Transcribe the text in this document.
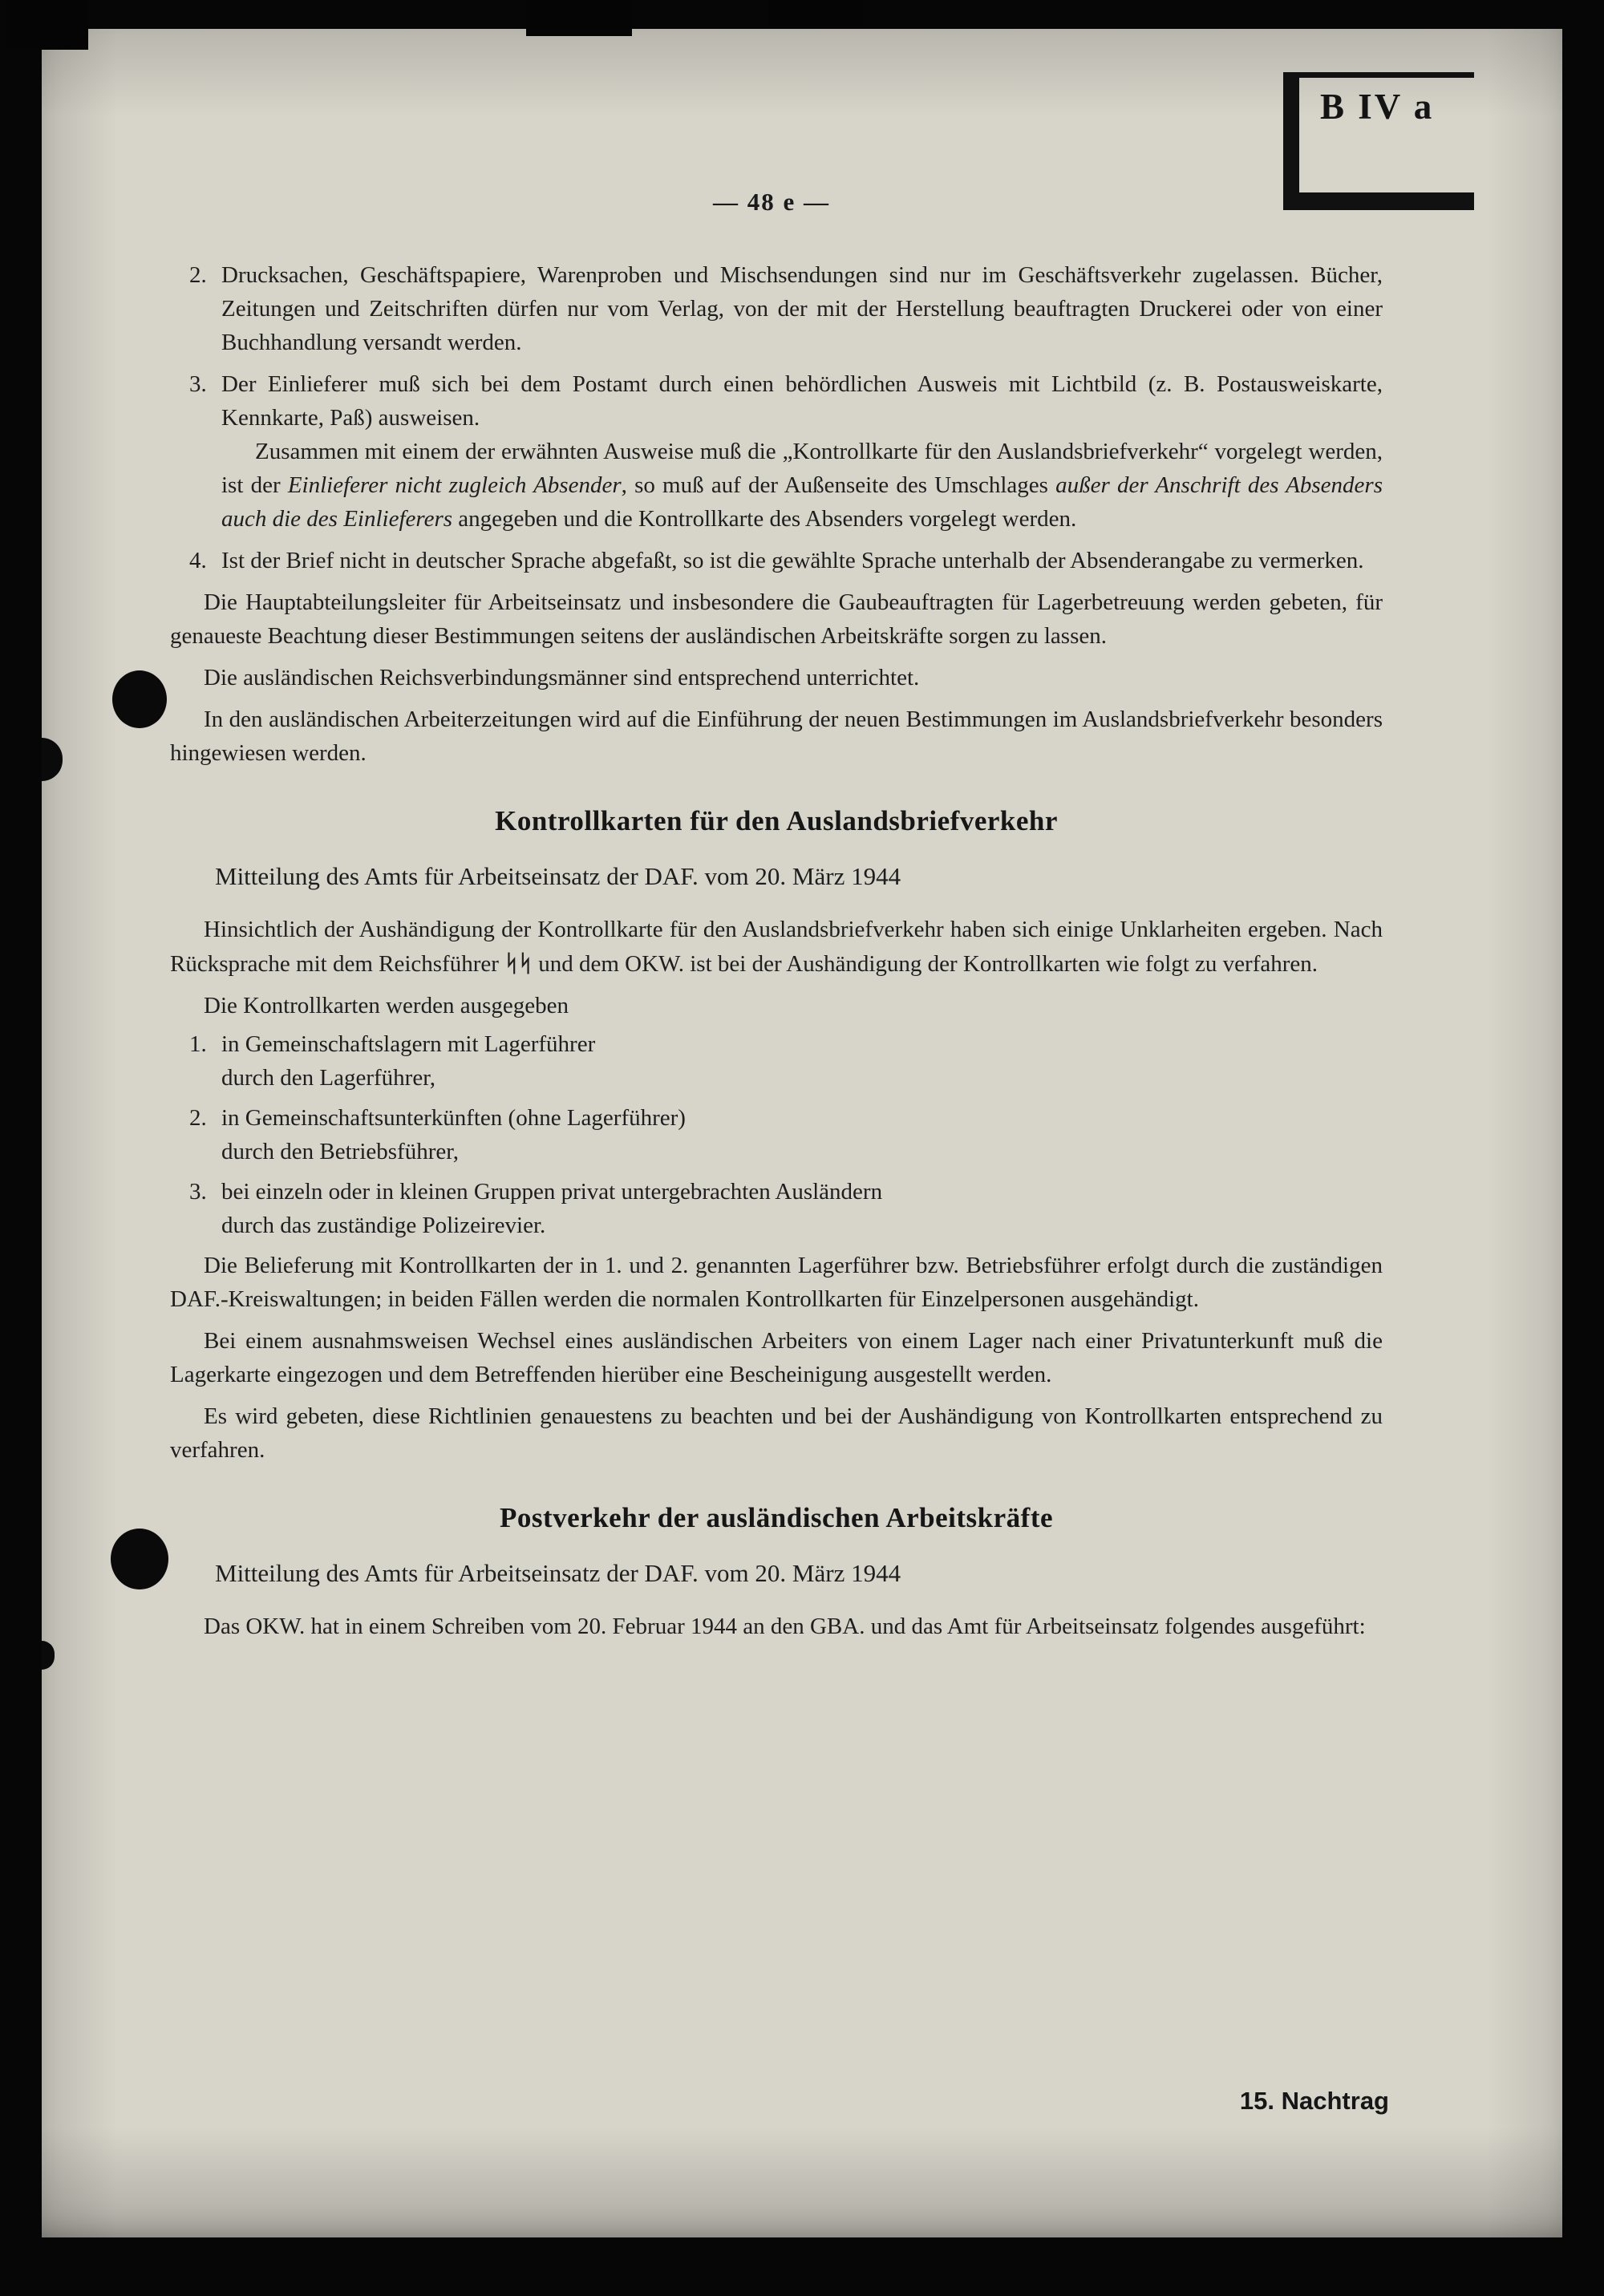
B IV a
— 48 e —
2. Drucksachen, Geschäftspapiere, Warenproben und Mischsendungen sind nur im Geschäftsverkehr zugelassen. Bücher, Zeitungen und Zeitschriften dürfen nur vom Verlag, von der mit der Herstellung beauftragten Druckerei oder von einer Buchhandlung versandt werden.
3. Der Einlieferer muß sich bei dem Postamt durch einen behördlichen Ausweis mit Lichtbild (z. B. Postausweiskarte, Kennkarte, Paß) ausweisen.
Zusammen mit einem der erwähnten Ausweise muß die „Kontrollkarte für den Auslandsbriefverkehr“ vorgelegt werden, ist der Einlieferer nicht zugleich Absender, so muß auf der Außenseite des Umschlages außer der Anschrift des Absenders auch die des Einlieferers angegeben und die Kontrollkarte des Absenders vorgelegt werden.
4. Ist der Brief nicht in deutscher Sprache abgefaßt, so ist die gewählte Sprache unterhalb der Absenderangabe zu vermerken.

Die Hauptabteilungsleiter für Arbeitseinsatz und insbesondere die Gaubeauftragten für Lagerbetreuung werden gebeten, für genaueste Beachtung dieser Bestimmungen seitens der ausländischen Arbeitskräfte sorgen zu lassen.

Die ausländischen Reichsverbindungsmänner sind entsprechend unterrichtet.

In den ausländischen Arbeiterzeitungen wird auf die Einführung der neuen Bestimmungen im Auslandsbriefverkehr besonders hingewiesen werden.

Kontrollkarten für den Auslandsbriefverkehr

Mitteilung des Amts für Arbeitseinsatz der DAF. vom 20. März 1944

Hinsichtlich der Aushändigung der Kontrollkarte für den Auslandsbriefverkehr haben sich einige Unklarheiten ergeben. Nach Rücksprache mit dem Reichsführer ᛋᛋ und dem OKW. ist bei der Aushändigung der Kontrollkarten wie folgt zu verfahren.

Die Kontrollkarten werden ausgegeben

1. in Gemeinschaftslagern mit Lagerführer
durch den Lagerführer,
2. in Gemeinschaftsunterkünften (ohne Lagerführer)
durch den Betriebsführer,
3. bei einzeln oder in kleinen Gruppen privat untergebrachten Ausländern
durch das zuständige Polizeirevier.

Die Belieferung mit Kontrollkarten der in 1. und 2. genannten Lagerführer bzw. Betriebsführer erfolgt durch die zuständigen DAF.-Kreiswaltungen; in beiden Fällen werden die normalen Kontrollkarten für Einzelpersonen ausgehändigt.

Bei einem ausnahmsweisen Wechsel eines ausländischen Arbeiters von einem Lager nach einer Privatunterkunft muß die Lagerkarte eingezogen und dem Betreffenden hierüber eine Bescheinigung ausgestellt werden.

Es wird gebeten, diese Richtlinien genauestens zu beachten und bei der Aushändigung von Kontrollkarten entsprechend zu verfahren.

Postverkehr der ausländischen Arbeitskräfte

Mitteilung des Amts für Arbeitseinsatz der DAF. vom 20. März 1944

Das OKW. hat in einem Schreiben vom 20. Februar 1944 an den GBA. und das Amt für Arbeitseinsatz folgendes ausgeführt:

15. Nachtrag
